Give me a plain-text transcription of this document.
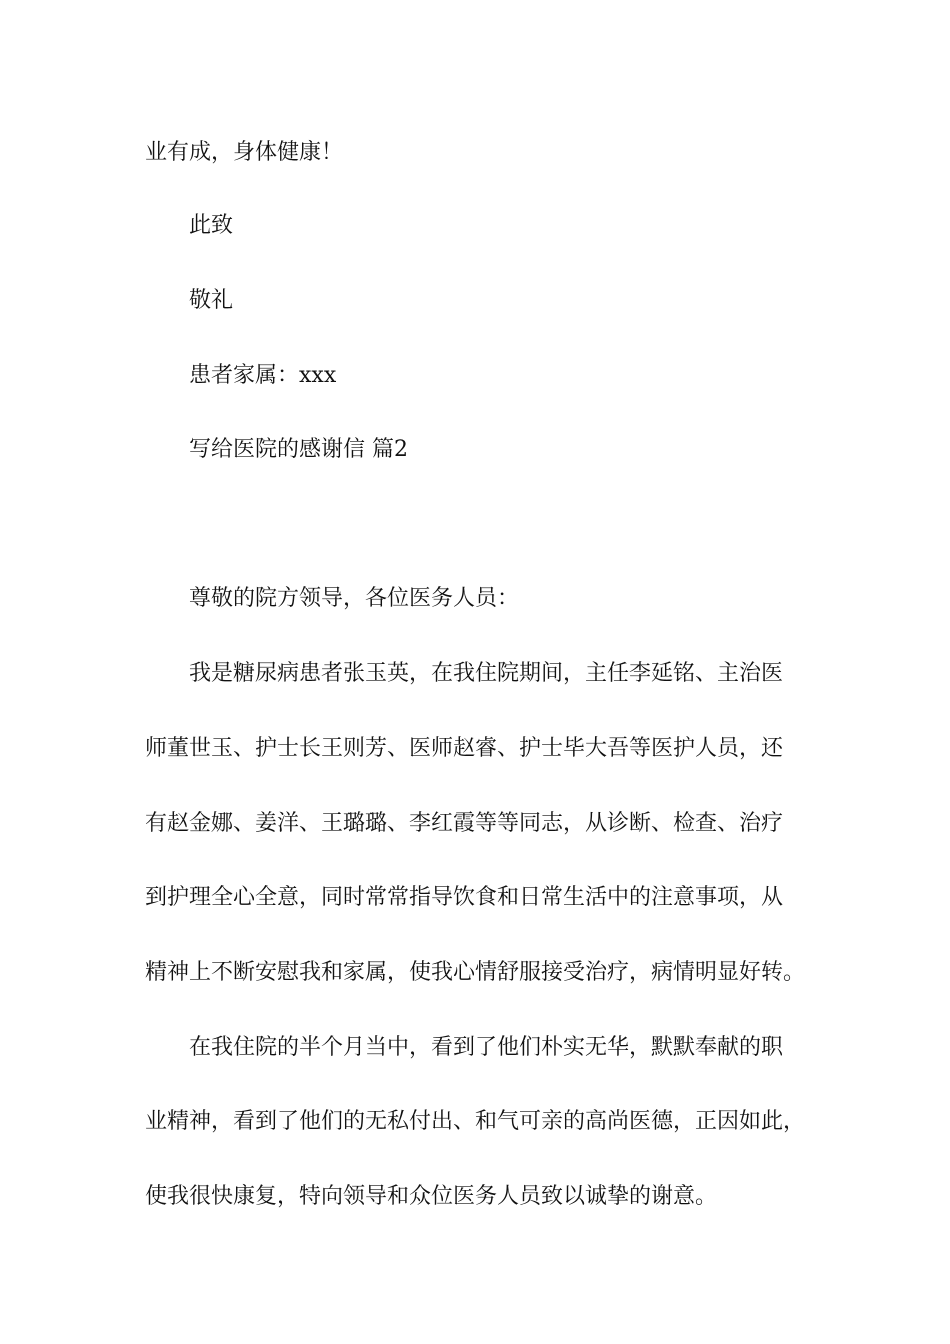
业有成，身体健康！
此致
敬礼
患者家属：xxx
写给医院的感谢信 篇2
尊敬的院方领导，各位医务人员：
我是糖尿病患者张玉英，在我住院期间，主任李延铭、主治医
师董世玉、护士长王则芳、医师赵睿、护士毕大吾等医护人员，还
有赵金娜、姜洋、王璐璐、李红霞等等同志，从诊断、检查、治疗
到护理全心全意，同时常常指导饮食和日常生活中的注意事项，从
精神上不断安慰我和家属，使我心情舒服接受治疗，病情明显好转。
在我住院的半个月当中，看到了他们朴实无华，默默奉献的职
业精神，看到了他们的无私付出、和气可亲的高尚医德，正因如此，
使我很快康复，特向领导和众位医务人员致以诚挚的谢意。
